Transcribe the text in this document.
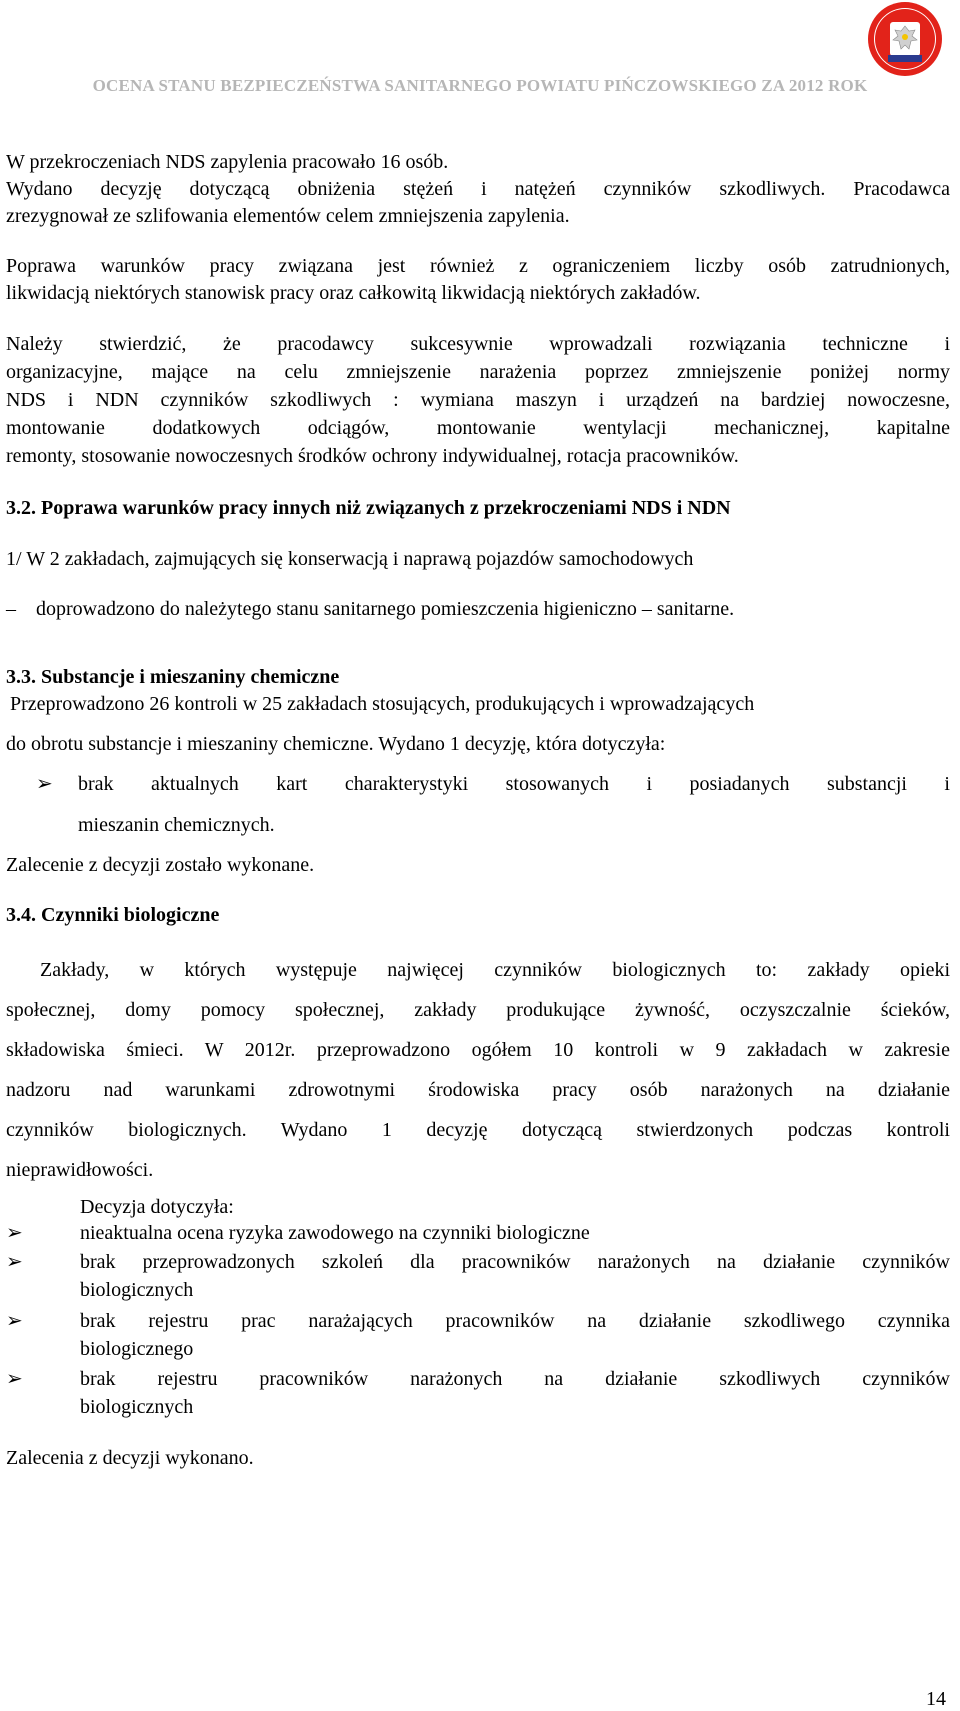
OCENA STANU BEZPIECZEŃSTWA SANITARNEGO POWIATU PIŃCZOWSKIEGO ZA 2012 ROK
W przekroczeniach NDS zapylenia pracowało 16 osób.
Wydano decyzję dotyczącą obniżenia stężeń i natężeń czynników szkodliwych. Pracodawca
zrezygnował ze szlifowania elementów celem zmniejszenia zapylenia.
Poprawa warunków pracy związana jest również z ograniczeniem liczby osób zatrudnionych,
likwidacją niektórych stanowisk pracy oraz całkowitą likwidacją niektórych zakładów.
Należy stwierdzić, że pracodawcy sukcesywnie wprowadzali rozwiązania techniczne i
organizacyjne, mające na celu zmniejszenie narażenia poprzez zmniejszenie poniżej normy
NDS i NDN czynników szkodliwych : wymiana maszyn i urządzeń na bardziej nowoczesne,
montowanie dodatkowych odciągów, montowanie wentylacji mechanicznej, kapitalne
remonty, stosowanie nowoczesnych środków ochrony indywidualnej, rotacja pracowników.
3.2. Poprawa warunków pracy innych niż związanych z przekroczeniami NDS i NDN
1/ W 2 zakładach, zajmujących się konserwacją i naprawą pojazdów samochodowych
– doprowadzono do należytego stanu sanitarnego pomieszczenia higieniczno – sanitarne.
3.3. Substancje i mieszaniny chemiczne
Przeprowadzono 26 kontroli w 25 zakładach stosujących, produkujących i wprowadzających
do obrotu substancje i mieszaniny chemiczne. Wydano 1 decyzję, która dotyczyła:
➢ brak aktualnych kart charakterystyki stosowanych i posiadanych substancji i
mieszanin chemicznych.
Zalecenie z decyzji zostało wykonane.
3.4. Czynniki biologiczne
Zakłady, w których występuje najwięcej czynników biologicznych to: zakłady opieki
społecznej, domy pomocy społecznej, zakłady produkujące żywność, oczyszczalnie ścieków,
składowiska śmieci. W 2012r. przeprowadzono ogółem 10 kontroli w 9 zakładach w zakresie
nadzoru nad warunkami zdrowotnymi środowiska pracy osób narażonych na działanie
czynników biologicznych. Wydano 1 decyzję dotyczącą stwierdzonych podczas kontroli
nieprawidłowości.
Decyzja dotyczyła:
➢	nieaktualna ocena ryzyka zawodowego na czynniki biologiczne
➢	brak przeprowadzonych szkoleń dla pracowników narażonych na działanie czynników
biologicznych
➢	brak rejestru prac narażających pracowników na działanie szkodliwego czynnika
biologicznego
➢	brak rejestru pracowników narażonych na działanie szkodliwych czynników
biologicznych
Zalecenia z decyzji wykonano.
14
